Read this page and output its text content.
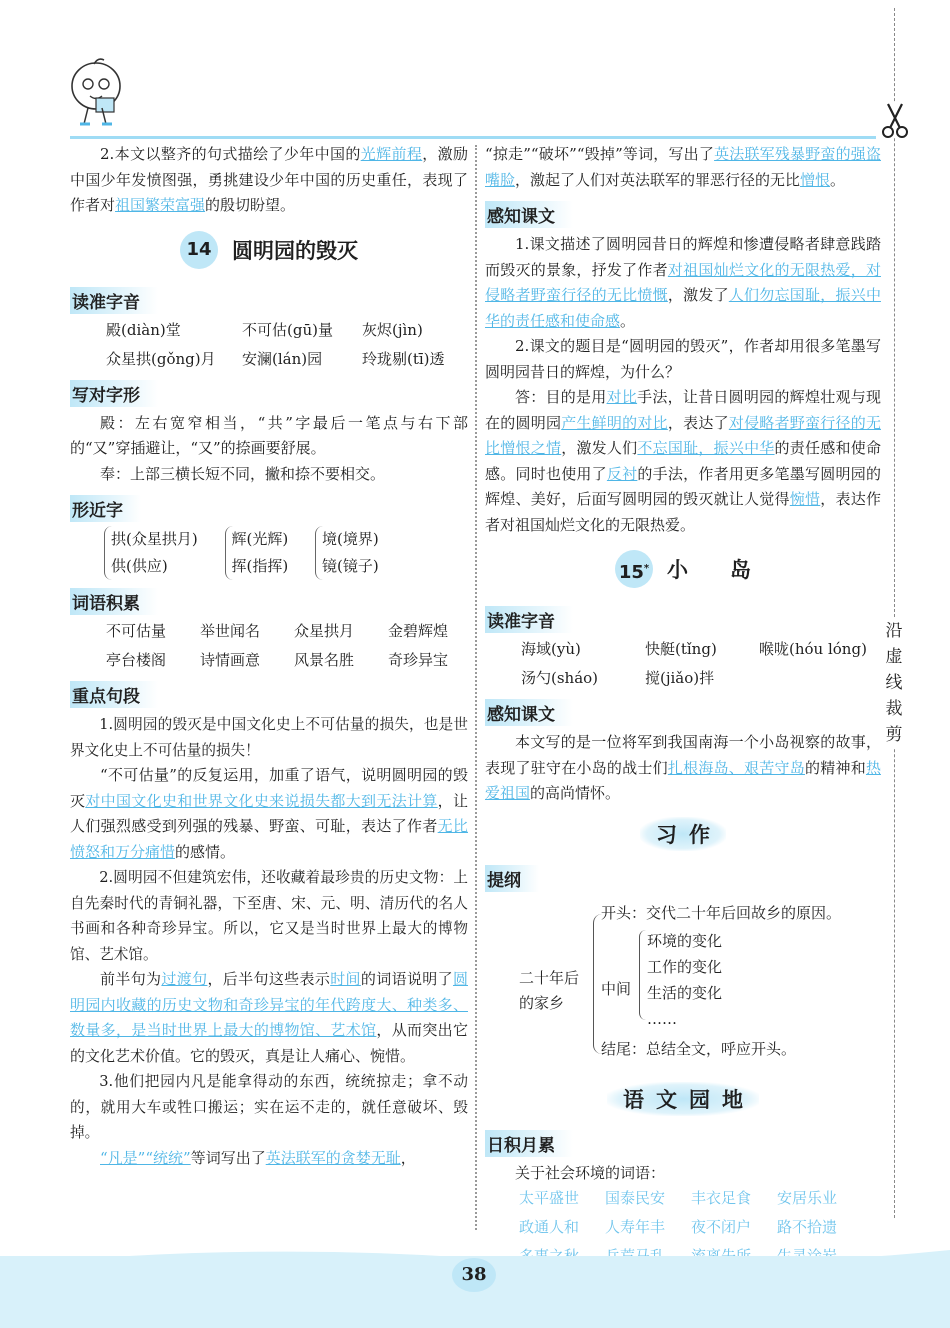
沿
虚
线
裁
剪

2.本文以整齐的句式描绘了少年中国的光辉前程，激励中国少年发愤图强，勇挑建设少年中国的历史重任，表现了作者对祖国繁荣富强的殷切盼望。

14 圆明园的毁灭
读准字音
殿(diàn)堂	不可估(gū)量	灰烬(jìn)
众星拱(gǒng)月	安澜(lán)园	玲珑剔(tī)透
写对字形

殿：左右宽窄相当，“共”字最后一笔点与右下部的“又”穿插避让，“又”的捺画要舒展。

奉：上部三横长短不同，撇和捺不要相交。

形近字
拱(众星拱月)
供(供应)

辉(光辉)
挥(指挥)

境(境界)
镜(镜子)
词语积累
不可估量	举世闻名	众星拱月	金碧辉煌
亭台楼阁	诗情画意	风景名胜	奇珍异宝
重点句段

1.圆明园的毁灭是中国文化史上不可估量的损失，也是世界文化史上不可估量的损失！

“不可估量”的反复运用，加重了语气，说明圆明园的毁灭对中国文化史和世界文化史来说损失都大到无法计算，让人们强烈感受到列强的残暴、野蛮、可耻，表达了作者无比愤怒和万分痛惜的感情。

2.圆明园不但建筑宏伟，还收藏着最珍贵的历史文物：上自先秦时代的青铜礼器，下至唐、宋、元、明、清历代的名人书画和各种奇珍异宝。所以，它又是当时世界上最大的博物馆、艺术馆。

前半句为过渡句，后半句这些表示时间的词语说明了圆明园内收藏的历史文物和奇珍异宝的年代跨度大、种类多、数量多，是当时世界上最大的博物馆、艺术馆，从而突出它的文化艺术价值。它的毁灭，真是让人痛心、惋惜。

3.他们把园内凡是能拿得动的东西，统统掠走；拿不动的，就用大车或牲口搬运；实在运不走的，就任意破坏、毁掉。

“凡是”“统统”等词写出了英法联军的贪婪无耻，

“掠走”“破坏”“毁掉”等词，写出了英法联军残暴野蛮的强盗嘴脸，激起了人们对英法联军的罪恶行径的无比憎恨。

感知课文

1.课文描述了圆明园昔日的辉煌和惨遭侵略者肆意践踏而毁灭的景象，抒发了作者对祖国灿烂文化的无限热爱，对侵略者野蛮行径的无比愤慨，激发了人们勿忘国耻，振兴中华的责任感和使命感。

2.课文的题目是“圆明园的毁灭”，作者却用很多笔墨写圆明园昔日的辉煌，为什么？

答：目的是用对比手法，让昔日圆明园的辉煌壮观与现在的圆明园产生鲜明的对比，表达了对侵略者野蛮行径的无比憎恨之情，激发人们不忘国耻，振兴中华的责任感和使命感。同时也使用了反衬的手法，作者用更多笔墨写圆明园的辉煌、美好，后面写圆明园的毁灭就让人觉得惋惜，表达作者对祖国灿烂文化的无限热爱。

15* 小　　岛
读准字音
海域(yù)	快艇(tǐng)	喉咙(hóu lóng)
汤勺(sháo)	搅(jiǎo)拌
感知课文

本文写的是一位将军到我国南海一个小岛视察的故事，表现了驻守在小岛的战士们扎根海岛、艰苦守岛的精神和热爱祖国的高尚情怀。

习作
提纲
二十年后
的家乡
开头：交代二十年后回故乡的原因。
中间
环境的变化
工作的变化
生活的变化
……
结尾：总结全文，呼应开头。
语文园地
日积月累

关于社会环境的词语：

太平盛世	国泰民安	丰衣足食	安居乐业
政通人和	人寿年丰	夜不闭户	路不拾遗
38
